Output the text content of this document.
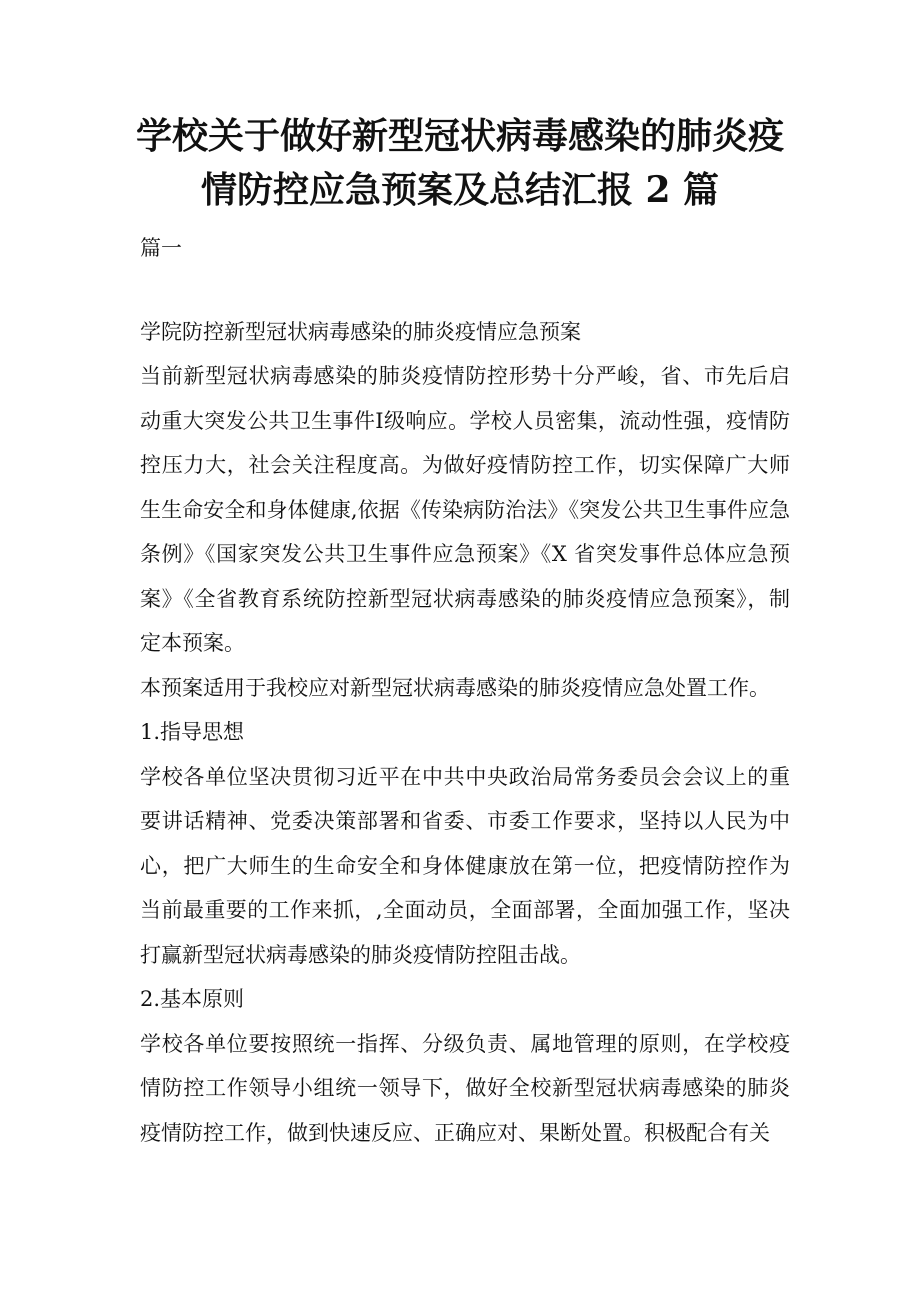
学校关于做好新型冠状病毒感染的肺炎疫
情防控应急预案及总结汇报 2 篇

篇一

学院防控新型冠状病毒感染的肺炎疫情应急预案

当前新型冠状病毒感染的肺炎疫情防控形势十分严峻，省、市先后启动重大突发公共卫生事件Ⅰ级响应。学校人员密集，流动性强，疫情防控压力大，社会关注程度高。为做好疫情防控工作，切实保障广大师生生命安全和身体健康,依据《传染病防治法》《突发公共卫生事件应急条例》《国家突发公共卫生事件应急预案》《X 省突发事件总体应急预案》《全省教育系统防控新型冠状病毒感染的肺炎疫情应急预案》，制定本预案。

本预案适用于我校应对新型冠状病毒感染的肺炎疫情应急处置工作。

1.指导思想

学校各单位坚决贯彻习近平在中共中央政治局常务委员会会议上的重要讲话精神、党委决策部署和省委、市委工作要求，坚持以人民为中心，把广大师生的生命安全和身体健康放在第一位，把疫情防控作为当前最重要的工作来抓，,全面动员，全面部署，全面加强工作，坚决打赢新型冠状病毒感染的肺炎疫情防控阻击战。

2.基本原则

学校各单位要按照统一指挥、分级负责、属地管理的原则，在学校疫情防控工作领导小组统一领导下，做好全校新型冠状病毒感染的肺炎疫情防控工作，做到快速反应、正确应对、果断处置。积极配合有关
